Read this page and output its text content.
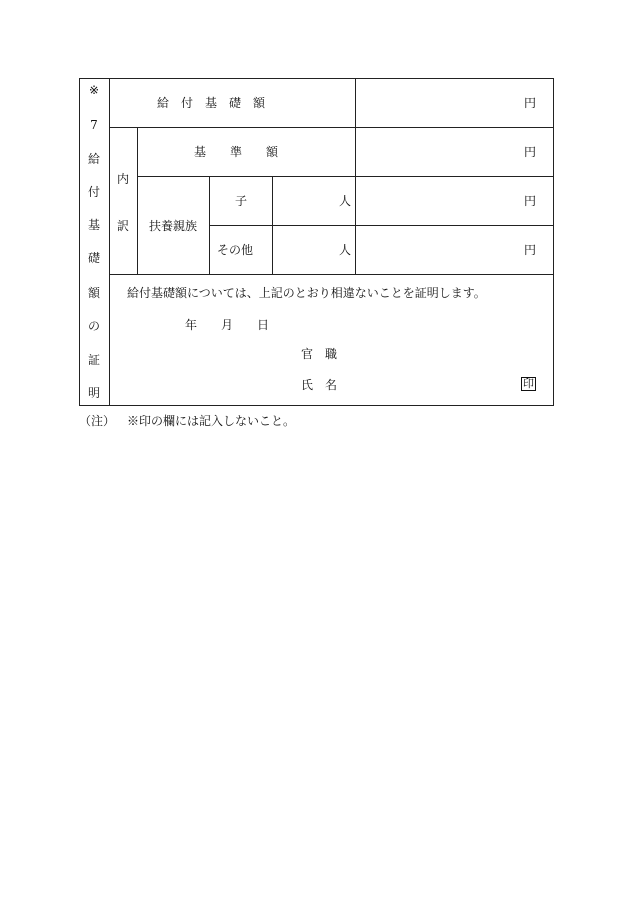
※
7
給
付
基
礎
額
の
証
明
給　付　基　礎　額	円
内
訳
基　　準　　額	円
扶養親族
子	人	円
その他	人	円
給付基礎額については、上記のとおり相違ないことを証明します。
年　　月　　日
官　職
氏　名	印
（注） ※印の欄には記入しないこと。
